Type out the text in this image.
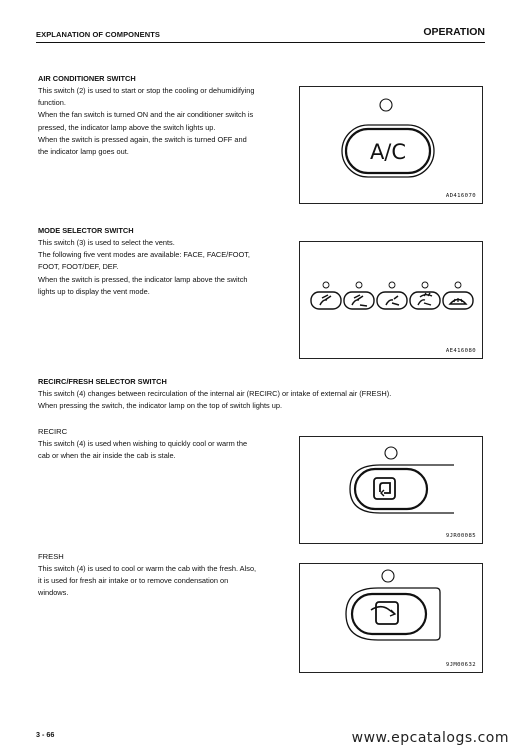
EXPLANATION OF COMPONENTS	OPERATION
AIR CONDITIONER SWITCH
This switch (2) is used to start or stop the cooling or dehumidifying
function.
When the fan switch is turned ON and the air conditioner switch is
pressed, the indicator lamp above the switch lights up.
When the switch is pressed again, the switch is turned OFF and
the indicator lamp goes out.	A/C
AD416070
MODE SELECTOR SWITCH
This switch (3) is used to select the vents.
The following five vent modes are available: FACE, FACE/FOOT,
FOOT, FOOT/DEF, DEF.
When the switch is pressed, the indicator lamp above the switch
lights up to display the vent mode.
AE416080
RECIRC/FRESH SELECTOR SWITCH
This switch (4) changes between recirculation of the internal air (RECIRC) or intake of external air (FRESH).
When pressing the switch, the indicator lamp on the top of switch lights up.
RECIRC
This switch (4) is used when wishing to quickly cool or warm the
cab or when the air inside the cab is stale.
9JR00085
FRESH
This switch (4) is used to cool or warm the cab with the fresh. Also,
it is used for fresh air intake or to remove condensation on
windows.
9JM00632
3 - 66	www.epcatalogs.com
